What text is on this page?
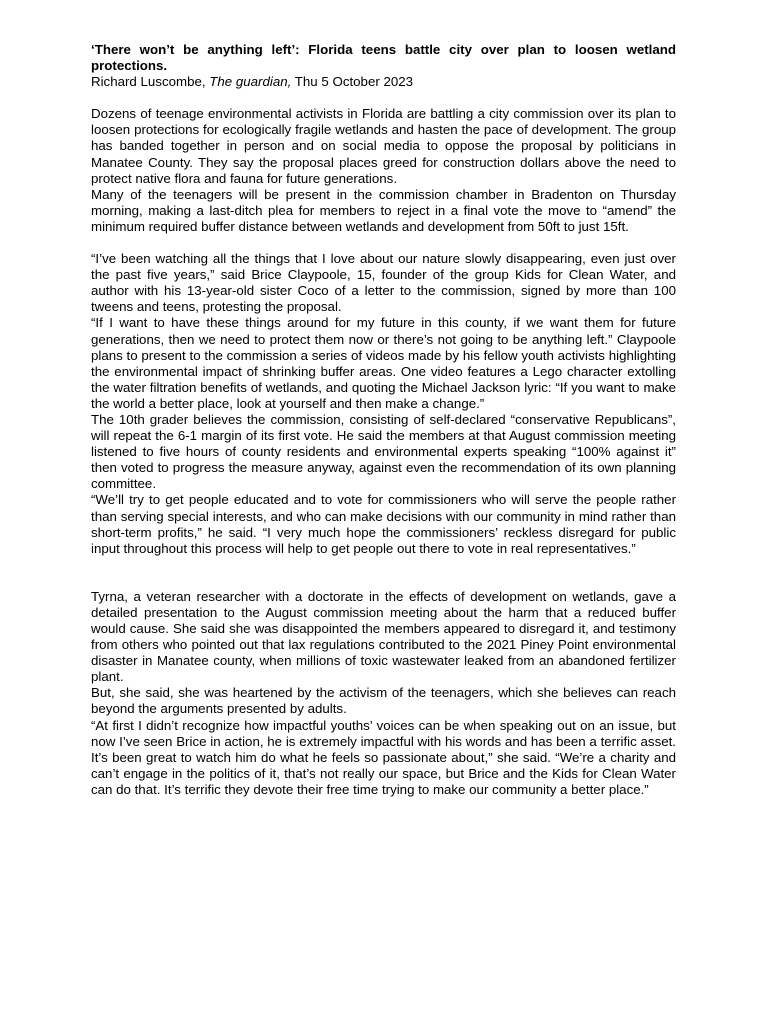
‘There won’t be anything left’: Florida teens battle city over plan to loosen wetland protections.

Richard Luscombe, The guardian, Thu 5 October 2023

Dozens of teenage environmental activists in Florida are battling a city commission over its plan to loosen protections for ecologically fragile wetlands and hasten the pace of development. The group has banded together in person and on social media to oppose the proposal by politicians in Manatee County. They say the proposal places greed for construction dollars above the need to protect native flora and fauna for future generations.

Many of the teenagers will be present in the commission chamber in Bradenton on Thursday morning, making a last-ditch plea for members to reject in a final vote the move to “amend” the minimum required buffer distance between wetlands and development from 50ft to just 15ft.

“I’ve been watching all the things that I love about our nature slowly disappearing, even just over the past five years,” said Brice Claypoole, 15, founder of the group Kids for Clean Water, and author with his 13-year-old sister Coco of a letter to the commission, signed by more than 100 tweens and teens, protesting the proposal.

“If I want to have these things around for my future in this county, if we want them for future generations, then we need to protect them now or there’s not going to be anything left.” Claypoole plans to present to the commission a series of videos made by his fellow youth activists highlighting the environmental impact of shrinking buffer areas. One video features a Lego character extolling the water filtration benefits of wetlands, and quoting the Michael Jackson lyric: “If you want to make the world a better place, look at yourself and then make a change.”

The 10th grader believes the commission, consisting of self-declared “conservative Republicans”, will repeat the 6-1 margin of its first vote. He said the members at that August commission meeting listened to five hours of county residents and environmental experts speaking “100% against it” then voted to progress the measure anyway, against even the recommendation of its own planning committee.

“We’ll try to get people educated and to vote for commissioners who will serve the people rather than serving special interests, and who can make decisions with our community in mind rather than short-term profits,” he said. “I very much hope the commissioners’ reckless disregard for public input throughout this process will help to get people out there to vote in real representatives.”

Tyrna, a veteran researcher with a doctorate in the effects of development on wetlands, gave a detailed presentation to the August commission meeting about the harm that a reduced buffer would cause. She said she was disappointed the members appeared to disregard it, and testimony from others who pointed out that lax regulations contributed to the 2021 Piney Point environmental disaster in Manatee county, when millions of toxic wastewater leaked from an abandoned fertilizer plant.

But, she said, she was heartened by the activism of the teenagers, which she believes can reach beyond the arguments presented by adults.

“At first I didn’t recognize how impactful youths’ voices can be when speaking out on an issue, but now I’ve seen Brice in action, he is extremely impactful with his words and has been a terrific asset. It’s been great to watch him do what he feels so passionate about,” she said. “We’re a charity and can’t engage in the politics of it, that’s not really our space, but Brice and the Kids for Clean Water can do that. It’s terrific they devote their free time trying to make our community a better place.”
